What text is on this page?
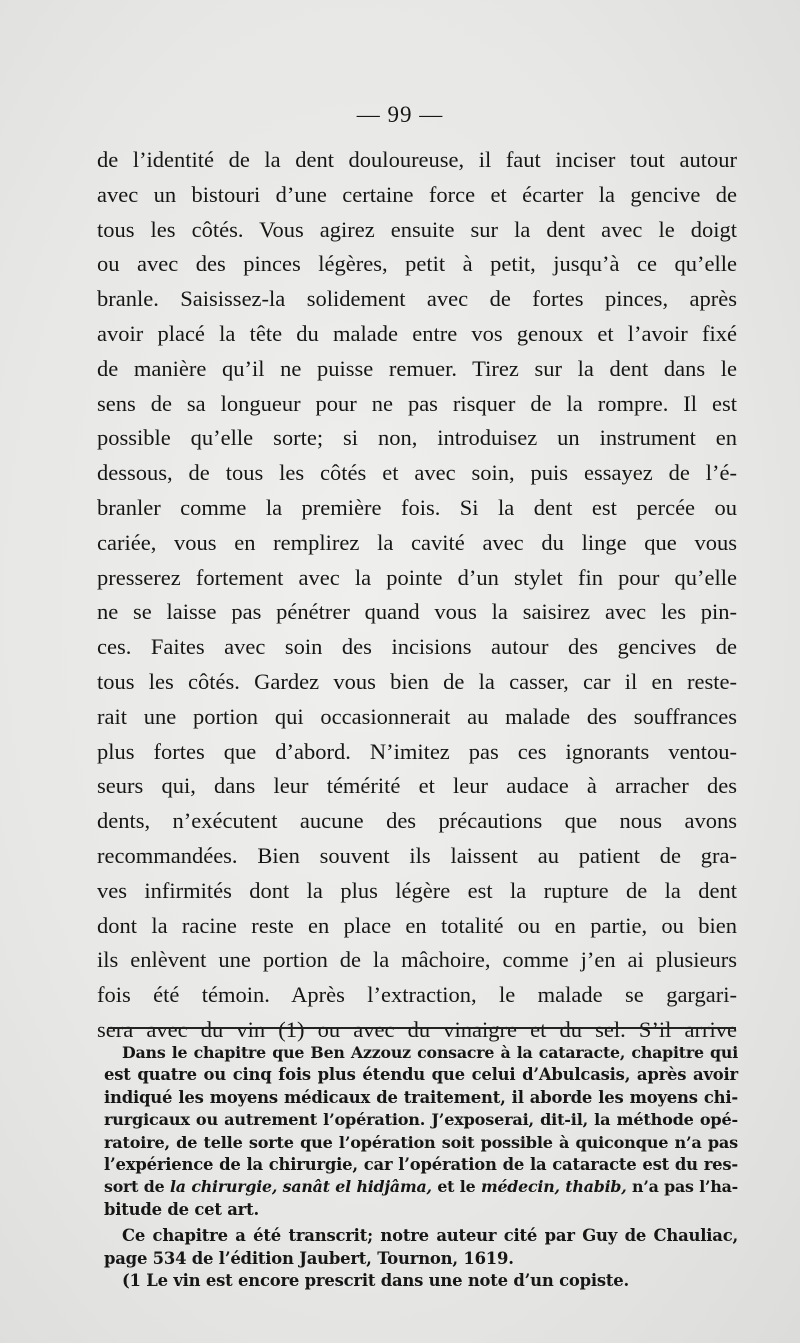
— 99 —
de l’identité de la dent douloureuse, il faut inciser tout autour
avec un bistouri d’une certaine force et écarter la gencive de
tous les côtés. Vous agirez ensuite sur la dent avec le doigt
ou avec des pinces légères, petit à petit, jusqu’à ce qu’elle
branle. Saisissez-la solidement avec de fortes pinces, après
avoir placé la tête du malade entre vos genoux et l’avoir fixé
de manière qu’il ne puisse remuer. Tirez sur la dent dans le
sens de sa longueur pour ne pas risquer de la rompre. Il est
possible qu’elle sorte; si non, introduisez un instrument en
dessous, de tous les côtés et avec soin, puis essayez de l’é-
branler comme la première fois. Si la dent est percée ou
cariée, vous en remplirez la cavité avec du linge que vous
presserez fortement avec la pointe d’un stylet fin pour qu’elle
ne se laisse pas pénétrer quand vous la saisirez avec les pin-
ces. Faites avec soin des incisions autour des gencives de
tous les côtés. Gardez vous bien de la casser, car il en reste-
rait une portion qui occasionnerait au malade des souffrances
plus fortes que d’abord. N’imitez pas ces ignorants ventou-
seurs qui, dans leur témérité et leur audace à arracher des
dents, n’exécutent aucune des précautions que nous avons
recommandées. Bien souvent ils laissent au patient de gra-
ves infirmités dont la plus légère est la rupture de la dent
dont la racine reste en place en totalité ou en partie, ou bien
ils enlèvent une portion de la mâchoire, comme j’en ai plusieurs
fois été témoin. Après l’extraction, le malade se gargari-
sera avec du vin (1) ou avec du vinaigre et du sel. S’il arrive
Dans le chapitre que Ben Azzouz consacre à la cataracte, chapitre qui
est quatre ou cinq fois plus étendu que celui d’Abulcasis, après avoir
indiqué les moyens médicaux de traitement, il aborde les moyens chi-
rurgicaux ou autrement l’opération. J’exposerai, dit-il, la méthode opé-
ratoire, de telle sorte que l’opération soit possible à quiconque n’a pas
l’expérience de la chirurgie, car l’opération de la cataracte est du res-
sort de la chirurgie, sanât el hidjâma, et le médecin, thabib, n’a pas l’ha-
bitude de cet art.
Ce chapitre a été transcrit; notre auteur cité par Guy de Chauliac,
page 534 de l’édition Jaubert, Tournon, 1619.
(1 Le vin est encore prescrit dans une note d’un copiste.
